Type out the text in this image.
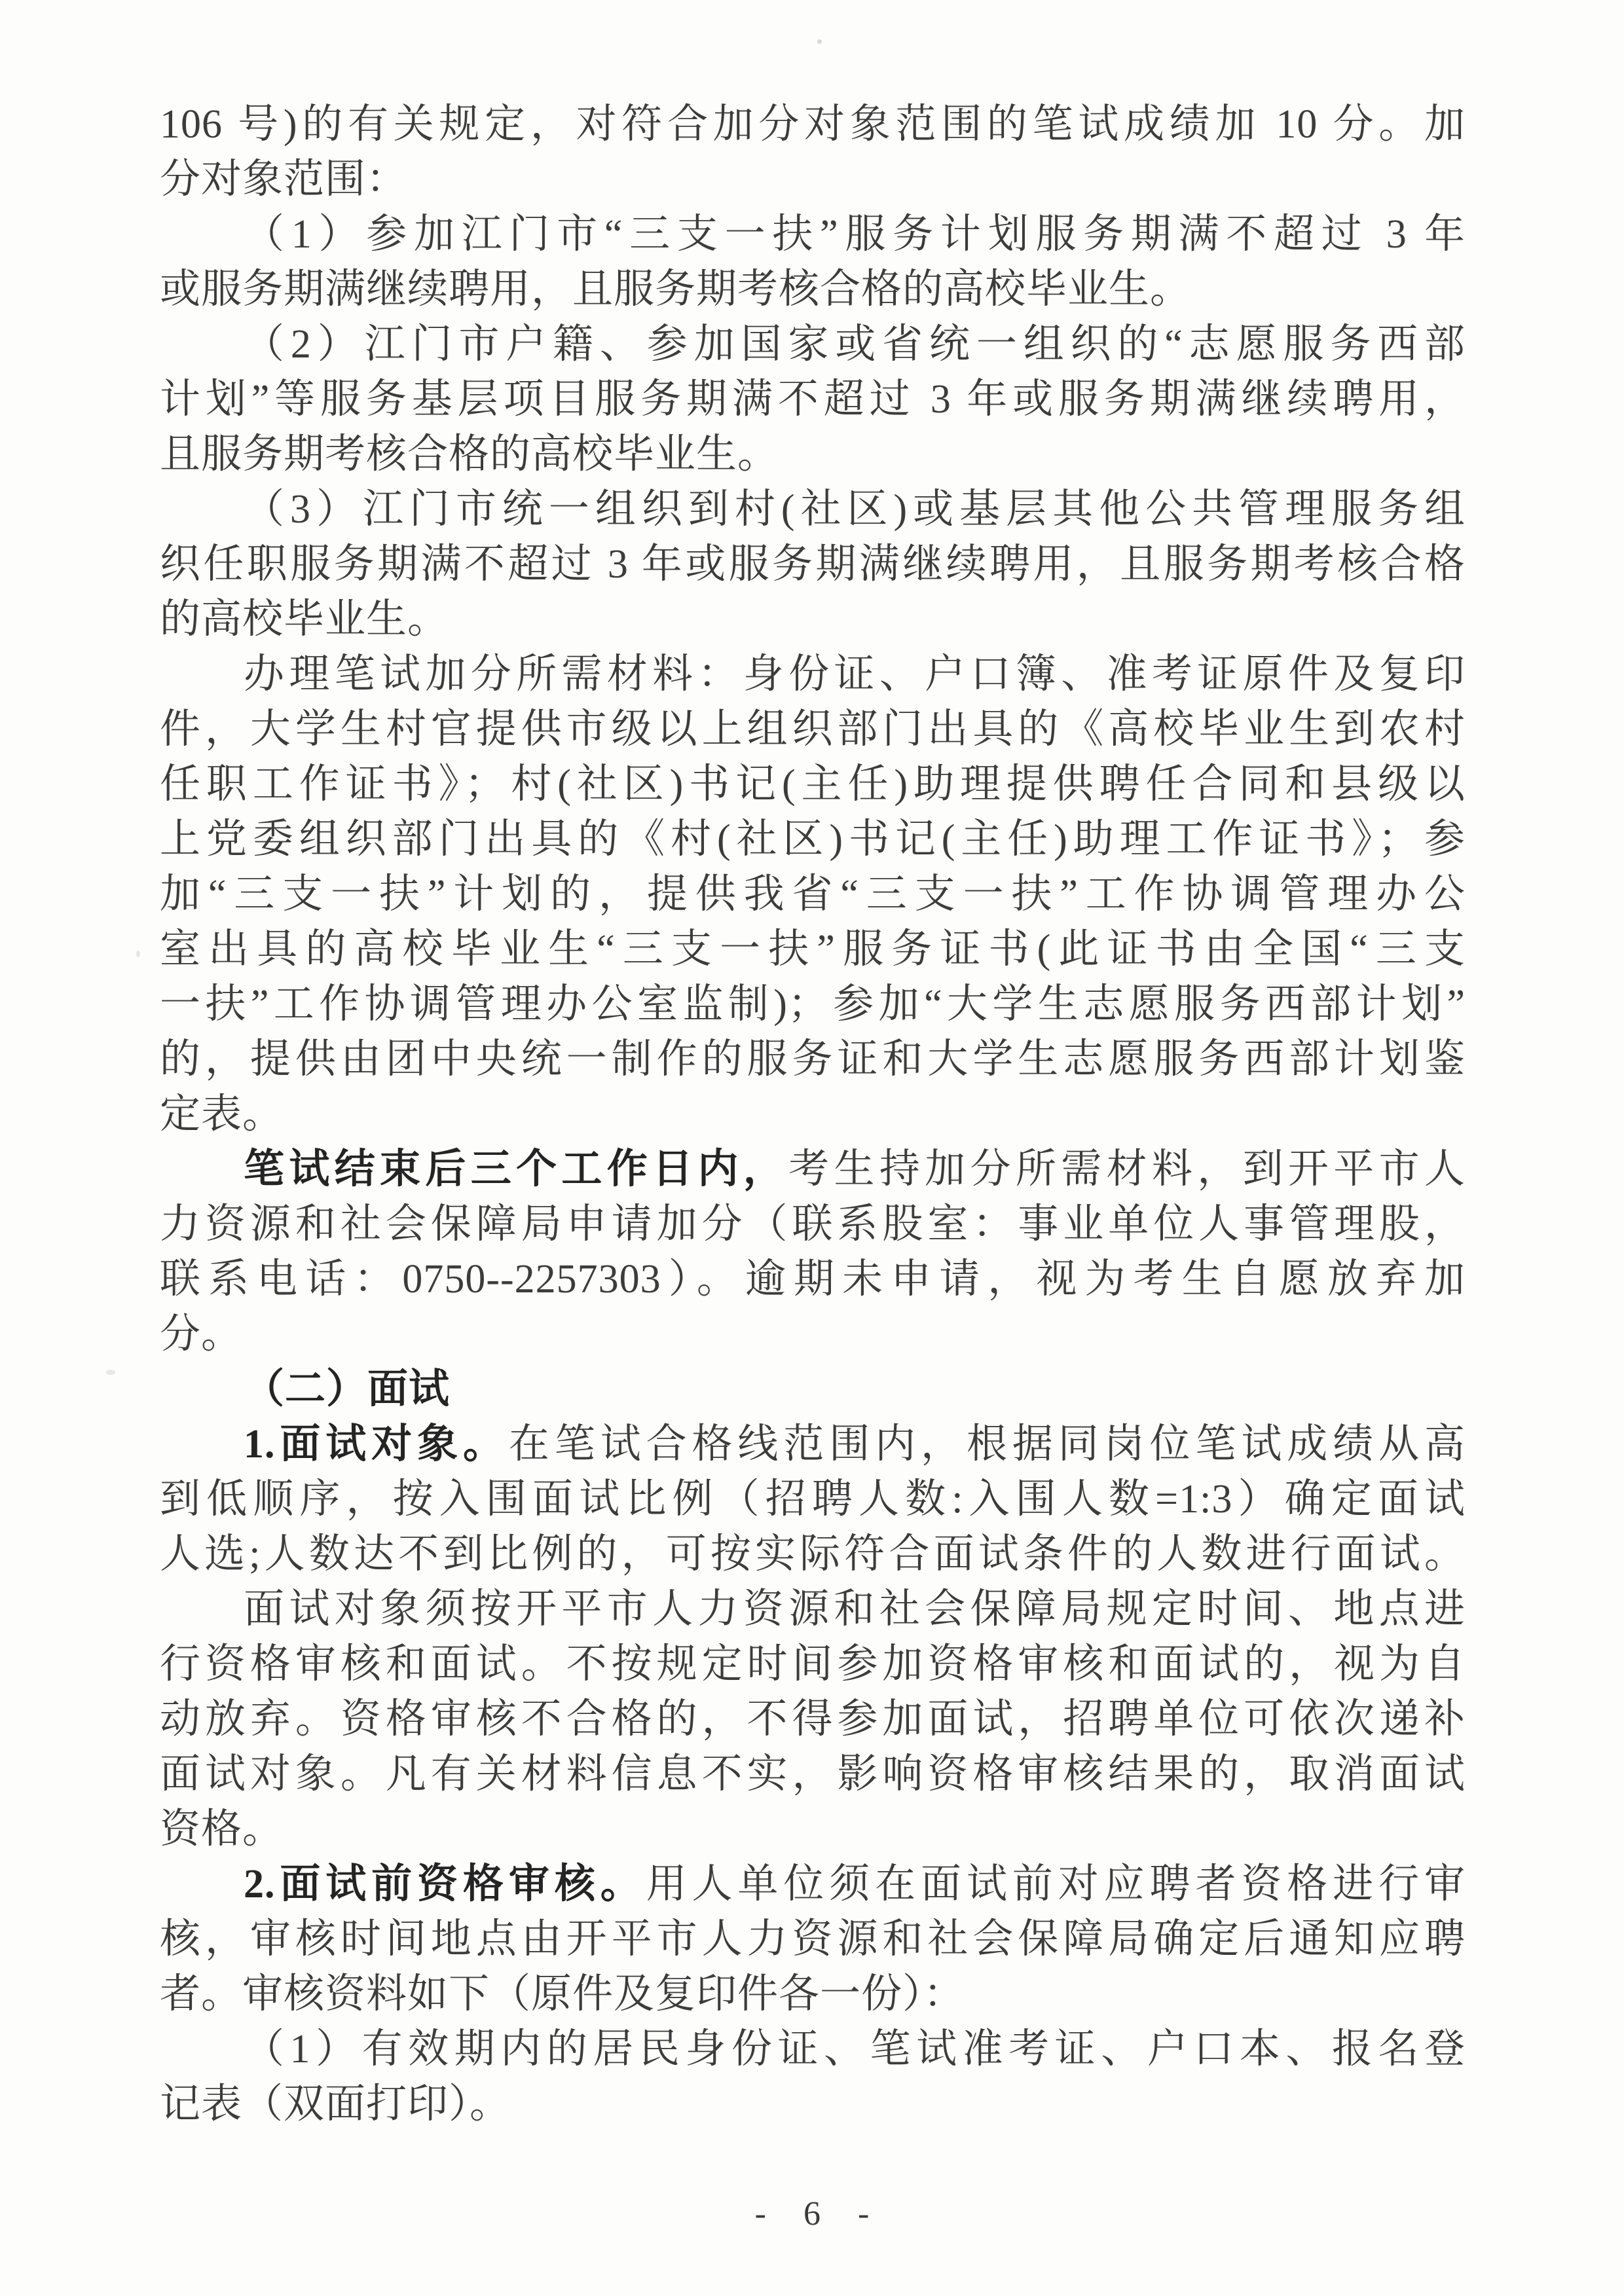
106 号)的有关规定，对符合加分对象范围的笔试成绩加 10 分。加
分对象范围：
（1）参加江门市“三支一扶”服务计划服务期满不超过 3 年
或服务期满继续聘用，且服务期考核合格的高校毕业生。
（2）江门市户籍、参加国家或省统一组织的“志愿服务西部
计划”等服务基层项目服务期满不超过 3 年或服务期满继续聘用，
且服务期考核合格的高校毕业生。
（3）江门市统一组织到村(社区)或基层其他公共管理服务组
织任职服务期满不超过 3 年或服务期满继续聘用，且服务期考核合格
的高校毕业生。
办理笔试加分所需材料：身份证、户口簿、准考证原件及复印
件，大学生村官提供市级以上组织部门出具的《高校毕业生到农村
任职工作证书》；村(社区)书记(主任)助理提供聘任合同和县级以
上党委组织部门出具的《村(社区)书记(主任)助理工作证书》；参
加“三支一扶”计划的，提供我省“三支一扶”工作协调管理办公
室出具的高校毕业生“三支一扶”服务证书(此证书由全国“三支
一扶”工作协调管理办公室监制)；参加“大学生志愿服务西部计划”
的，提供由团中央统一制作的服务证和大学生志愿服务西部计划鉴
定表。
笔试结束后三个工作日内，考生持加分所需材料，到开平市人
力资源和社会保障局申请加分（联系股室：事业单位人事管理股，
联系电话：0750--2257303）。逾期未申请，视为考生自愿放弃加
分。
（二）面试
1.面试对象。在笔试合格线范围内，根据同岗位笔试成绩从高
到低顺序，按入围面试比例（招聘人数:入围人数=1:3）确定面试
人选;人数达不到比例的，可按实际符合面试条件的人数进行面试。
面试对象须按开平市人力资源和社会保障局规定时间、地点进
行资格审核和面试。不按规定时间参加资格审核和面试的，视为自
动放弃。资格审核不合格的，不得参加面试，招聘单位可依次递补
面试对象。凡有关材料信息不实，影响资格审核结果的，取消面试
资格。
2.面试前资格审核。用人单位须在面试前对应聘者资格进行审
核，审核时间地点由开平市人力资源和社会保障局确定后通知应聘
者。审核资料如下（原件及复印件各一份）：
（1）有效期内的居民身份证、笔试准考证、户口本、报名登
记表（双面打印）。
- 6 -
